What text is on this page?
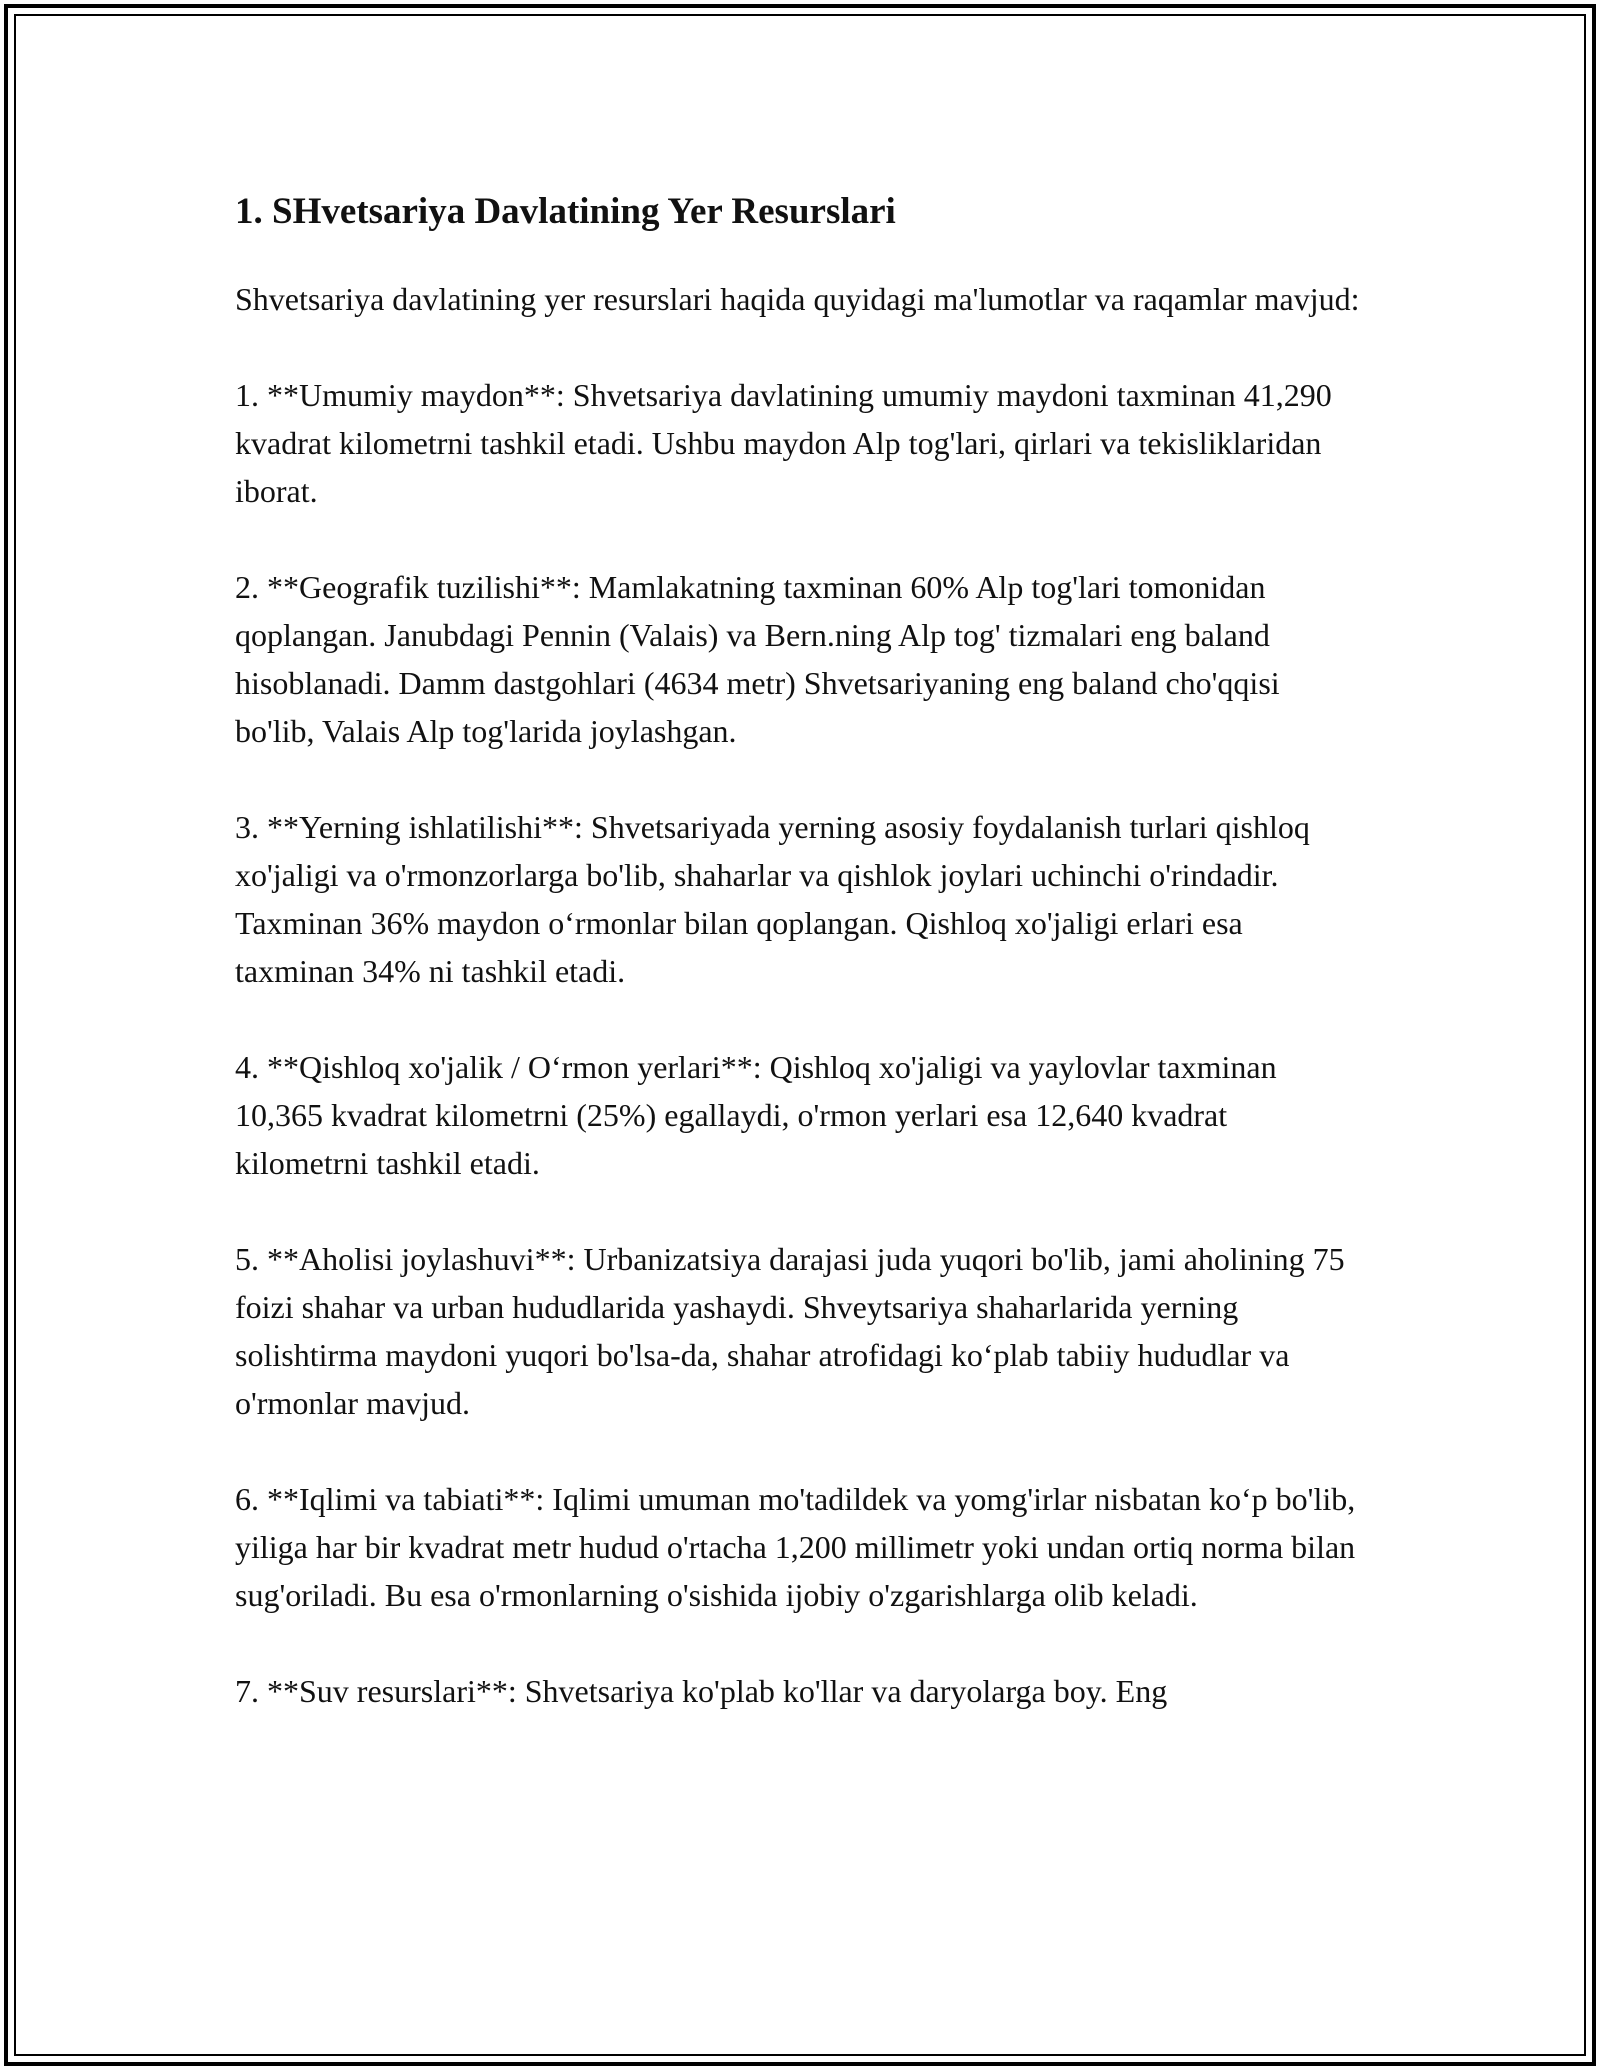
1. SHvetsariya Davlatining Yer Resurslari

Shvetsariya davlatining yer resurslari haqida quyidagi ma'lumotlar va raqamlar mavjud:

1. **Umumiy maydon**: Shvetsariya davlatining umumiy maydoni taxminan 41,290 kvadrat kilometrni tashkil etadi. Ushbu maydon Alp tog'lari, qirlari va tekisliklaridan iborat.

2. **Geografik tuzilishi**: Mamlakatning taxminan 60% Alp tog'lari tomonidan qoplangan. Janubdagi Pennin (Valais) va Bern.ning Alp tog' tizmalari eng baland hisoblanadi. Damm dastgohlari (4634 metr) Shvetsariyaning eng baland cho'qqisi bo'lib, Valais Alp tog'larida joylashgan.

3. **Yerning ishlatilishi**: Shvetsariyada yerning asosiy foydalanish turlari qishloq xo'jaligi va o'rmonzorlarga bo'lib, shaharlar va qishlok joylari uchinchi o'rindadir. Taxminan 36% maydon o‘rmonlar bilan qoplangan. Qishloq xo'jaligi erlari esa taxminan 34% ni tashkil etadi.

4. **Qishloq xo'jalik / O‘rmon yerlari**: Qishloq xo'jaligi va yaylovlar taxminan 10,365 kvadrat kilometrni (25%) egallaydi, o'rmon yerlari esa 12,640 kvadrat kilometrni tashkil etadi.

5. **Aholisi joylashuvi**: Urbanizatsiya darajasi juda yuqori bo'lib, jami aholining 75 foizi shahar va urban hududlarida yashaydi. Shveytsariya shaharlarida yerning solishtirma maydoni yuqori bo'lsa-da, shahar atrofidagi ko‘plab tabiiy hududlar va o'rmonlar mavjud.

6. **Iqlimi va tabiati**: Iqlimi umuman mo'tadildek va yomg'irlar nisbatan ko‘p bo'lib, yiliga har bir kvadrat metr hudud o'rtacha 1,200 millimetr yoki undan ortiq norma bilan sug'oriladi. Bu esa o'rmonlarning o'sishida ijobiy o'zgarishlarga olib keladi.

7. **Suv resurslari**: Shvetsariya ko'plab ko'llar va daryolarga boy. Eng
